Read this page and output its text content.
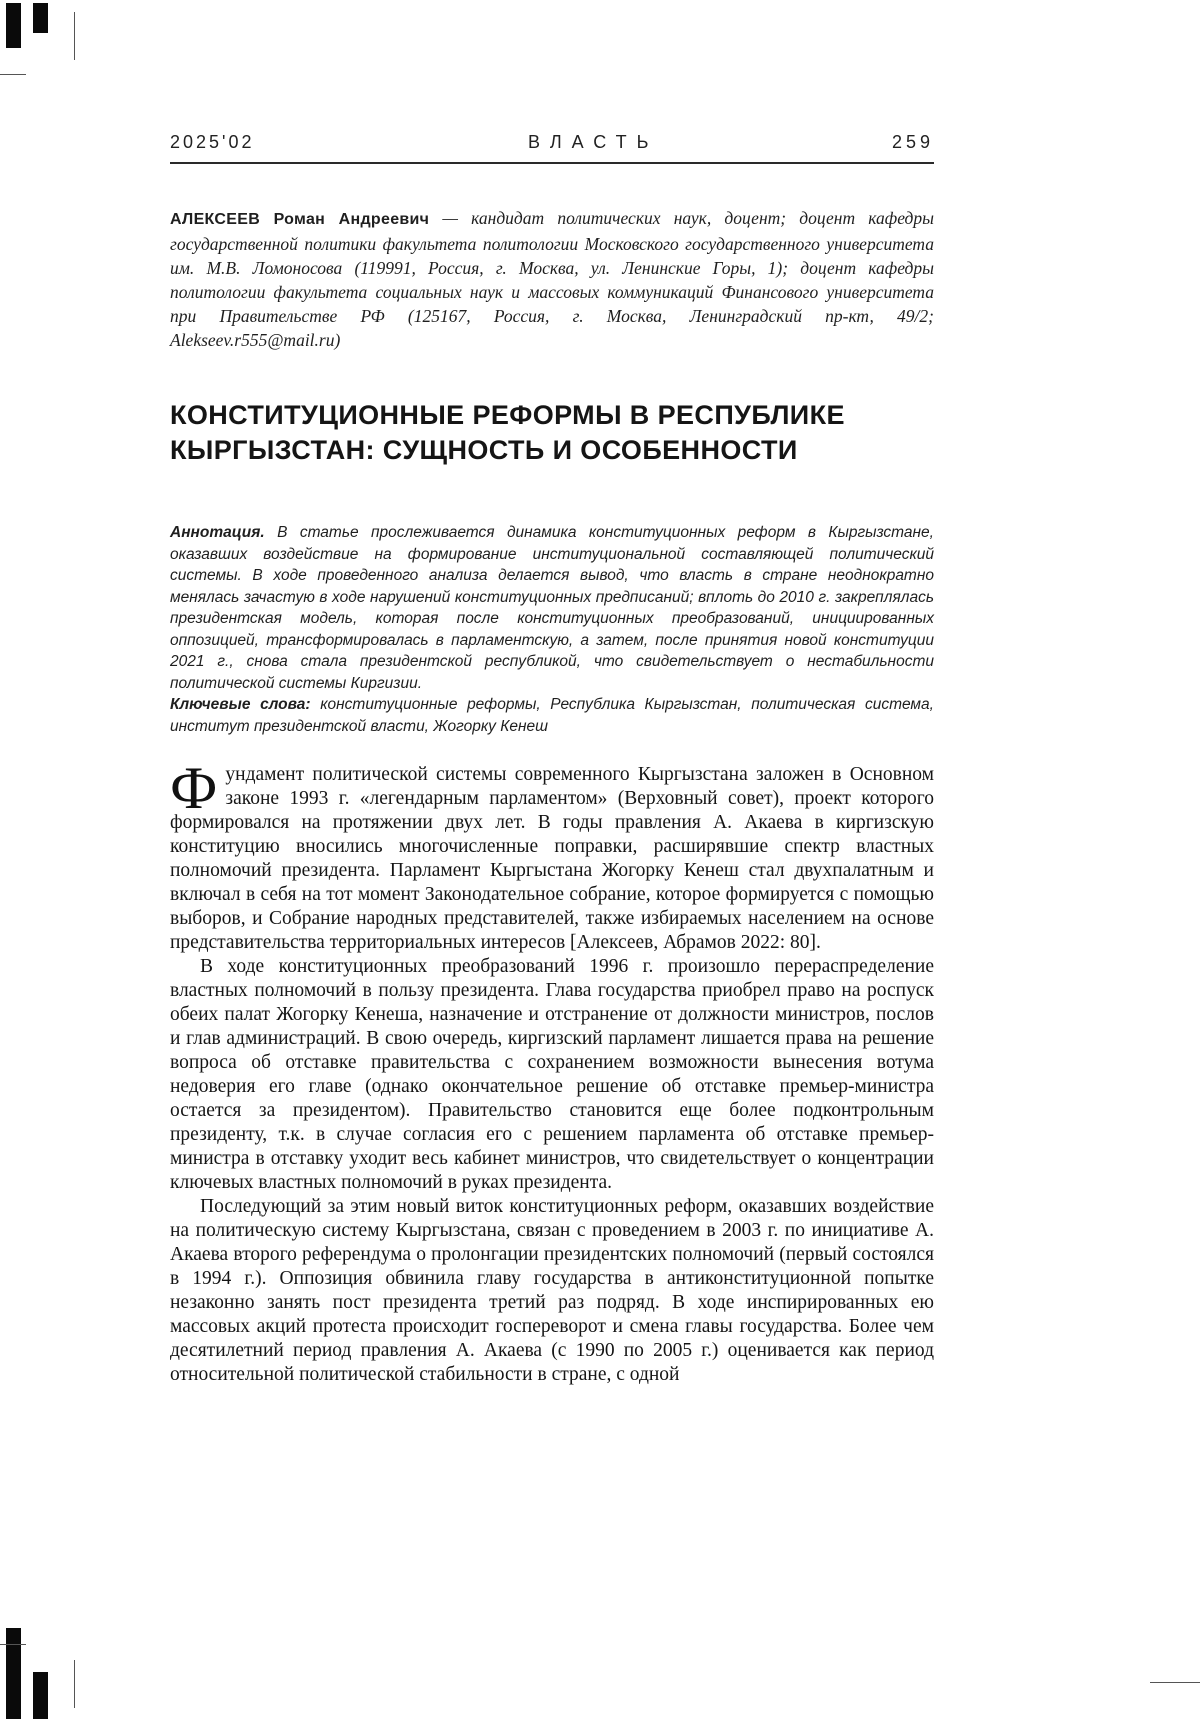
2025'02	ВЛАСТЬ	259

АЛЕКСЕЕВ Роман Андреевич — кандидат политических наук, доцент; доцент кафедры государственной политики факультета политологии Московского государственного университета им. М.В. Ломоносова (119991, Россия, г. Москва, ул. Ленинские Горы, 1); доцент кафедры политологии факультета социальных наук и массовых коммуникаций Финансового университета при Правительстве РФ (125167, Россия, г. Москва, Ленинградский пр-кт, 49/2; Alekseev.r555@mail.ru)

КОНСТИТУЦИОННЫЕ РЕФОРМЫ В РЕСПУБЛИКЕ
КЫРГЫЗСТАН: СУЩНОСТЬ И ОСОБЕННОСТИ

Аннотация. В статье прослеживается динамика конституционных реформ в Кыргызстане, оказавших воздействие на формирование институциональной составляющей политический системы. В ходе проведенного анализа делается вывод, что власть в стране неоднократно менялась зачастую в ходе нарушений конституционных предписаний; вплоть до 2010 г. закреплялась президентская модель, которая после конституционных преобразований, инициированных оппозицией, трансформировалась в парламентскую, а затем, после принятия новой конституции 2021 г., снова стала президентской республикой, что свидетельствует о нестабильности политической системы Киргизии.

Ключевые слова: конституционные реформы, Республика Кыргызстан, политическая система, институт президентской власти, Жогорку Кенеш

Фундамент политической системы современного Кыргызстана заложен в Основном законе 1993 г. «легендарным парламентом» (Верховный совет), проект которого формировался на протяжении двух лет. В годы правления А. Акаева в киргизскую конституцию вносились многочисленные поправки, расширявшие спектр властных полномочий президента. Парламент Кыргыстана Жогорку Кенеш стал двухпалатным и включал в себя на тот момент Законодательное собрание, которое формируется с помощью выборов, и Собрание народных представителей, также избираемых населением на основе представительства территориальных интересов [Алексеев, Абрамов 2022: 80].

В ходе конституционных преобразований 1996 г. произошло перераспределение властных полномочий в пользу президента. Глава государства приобрел право на роспуск обеих палат Жогорку Кенеша, назначение и отстранение от должности министров, послов и глав администраций. В свою очередь, киргизский парламент лишается права на решение вопроса об отставке правительства с сохранением возможности вынесения вотума недоверия его главе (однако окончательное решение об отставке премьер-министра остается за президентом). Правительство становится еще более подконтрольным президенту, т.к. в случае согласия его с решением парламента об отставке премьер-министра в отставку уходит весь кабинет министров, что свидетельствует о концентрации ключевых властных полномочий в руках президента.

Последующий за этим новый виток конституционных реформ, оказавших воздействие на политическую систему Кыргызстана, связан с проведением в 2003 г. по инициативе А. Акаева второго референдума о пролонгации президентских полномочий (первый состоялся в 1994 г.). Оппозиция обвинила главу государства в антиконституционной попытке незаконно занять пост президента третий раз подряд. В ходе инспирированных ею массовых акций протеста происходит госпереворот и смена главы государства. Более чем десятилетний период правления А. Акаева (с 1990 по 2005 г.) оценивается как период относительной политической стабильности в стране, с одной
